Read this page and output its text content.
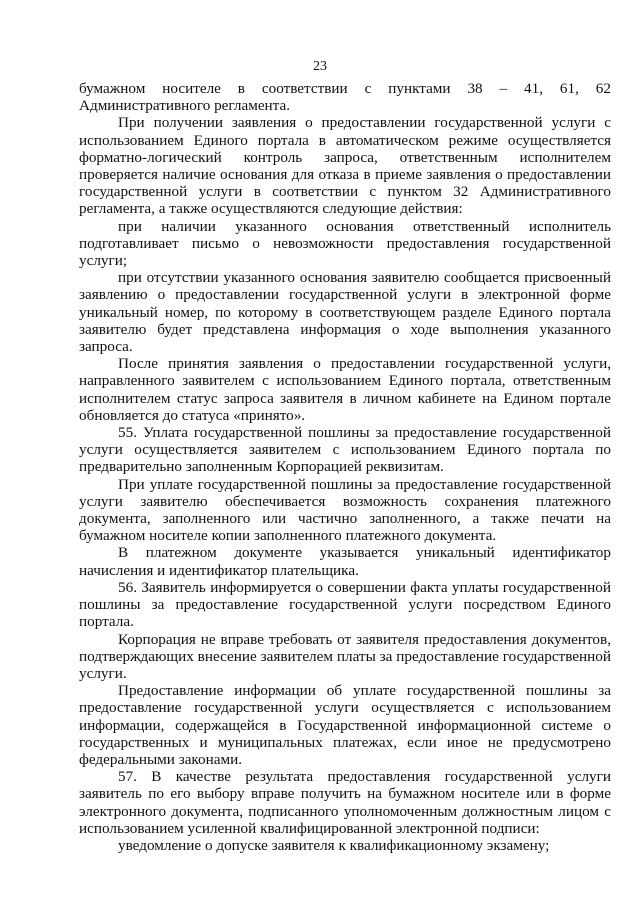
23

бумажном носителе в соответствии с пунктами 38 – 41, 61, 62 Административного регламента.

При получении заявления о предоставлении государственной услуги с использованием Единого портала в автоматическом режиме осуществляется форматно-логический контроль запроса, ответственным исполнителем проверяется наличие основания для отказа в приеме заявления о предоставлении государственной услуги в соответствии с пунктом 32 Административного регламента, а также осуществляются следующие действия:

при наличии указанного основания ответственный исполнитель подготавливает письмо о невозможности предоставления государственной услуги;

при отсутствии указанного основания заявителю сообщается присвоенный заявлению о предоставлении государственной услуги в электронной форме уникальный номер, по которому в соответствующем разделе Единого портала заявителю будет представлена информация о ходе выполнения указанного запроса.

После принятия заявления о предоставлении государственной услуги, направленного заявителем с использованием Единого портала, ответственным исполнителем статус запроса заявителя в личном кабинете на Едином портале обновляется до статуса «принято».

55. Уплата государственной пошлины за предоставление государственной услуги осуществляется заявителем с использованием Единого портала по предварительно заполненным Корпорацией реквизитам.

При уплате государственной пошлины за предоставление государственной услуги заявителю обеспечивается возможность сохранения платежного документа, заполненного или частично заполненного, а также печати на бумажном носителе копии заполненного платежного документа.

В платежном документе указывается уникальный идентификатор начисления и идентификатор плательщика.

56. Заявитель информируется о совершении факта уплаты государственной пошлины за предоставление государственной услуги посредством Единого портала.

Корпорация не вправе требовать от заявителя предоставления документов, подтверждающих внесение заявителем платы за предоставление государственной услуги.

Предоставление информации об уплате государственной пошлины за предоставление государственной услуги осуществляется с использованием информации, содержащейся в Государственной информационной системе о государственных и муниципальных платежах, если иное не предусмотрено федеральными законами.

57. В качестве результата предоставления государственной услуги заявитель по его выбору вправе получить на бумажном носителе или в форме электронного документа, подписанного уполномоченным должностным лицом с использованием усиленной квалифицированной электронной подписи:

уведомление о допуске заявителя к квалификационному экзамену;
